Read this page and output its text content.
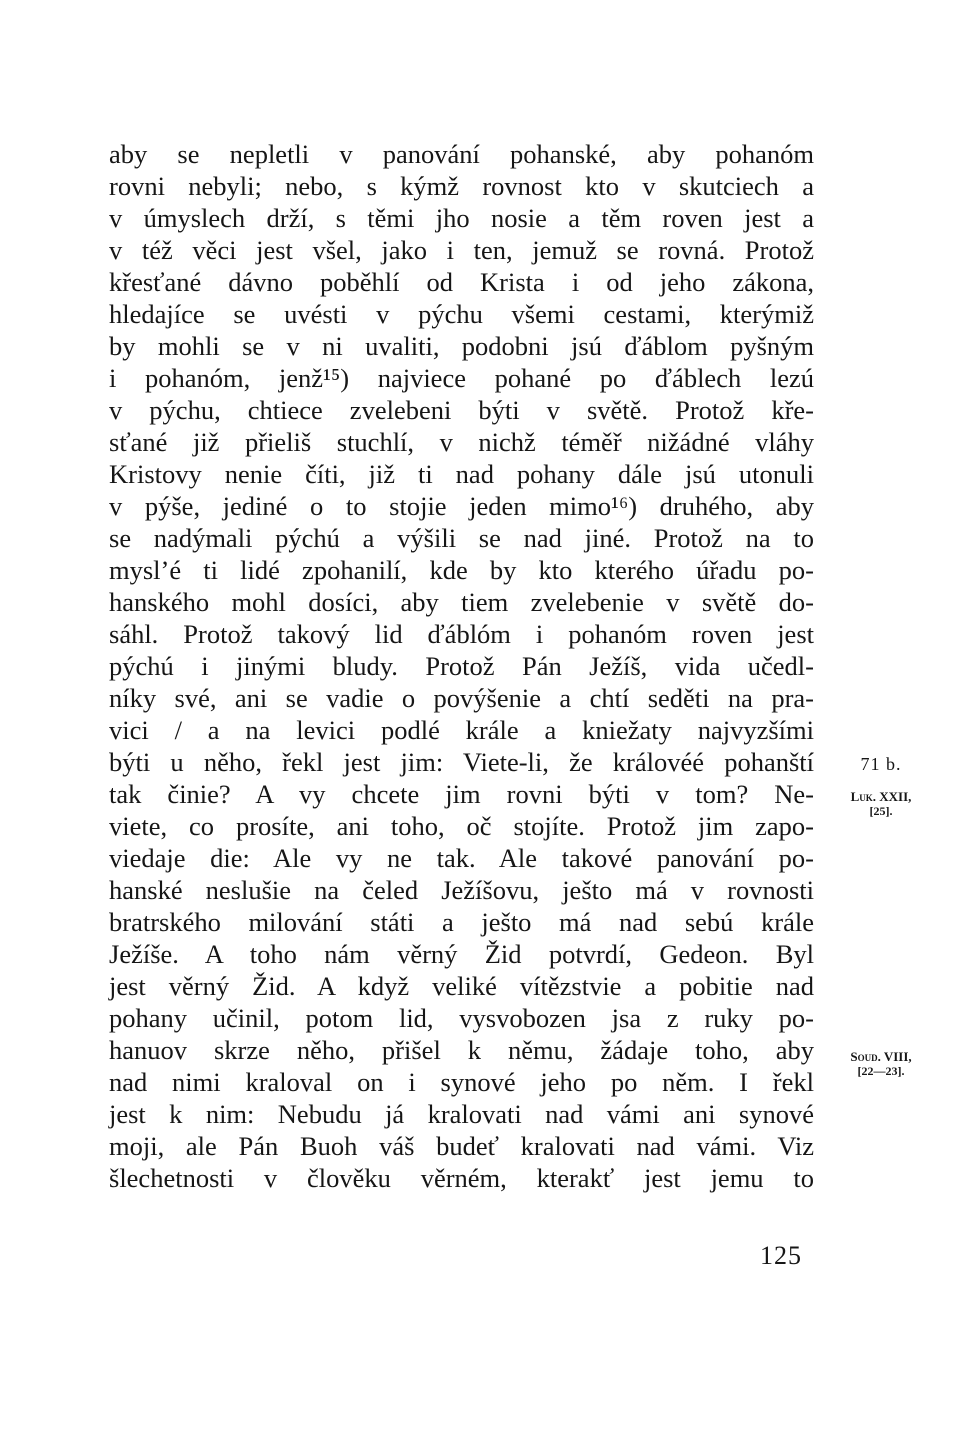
aby se nepletli v panování pohanské, aby pohanóm
rovni nebyli; nebo, s kýmž rovnost kto v skutciech a
v úmyslech drží, s těmi jho nosie a těm roven jest a
v též věci jest všel, jako i ten, jemuž se rovná. Protož
křesťané dávno poběhlí od Krista i od jeho zákona,
hledajíce se uvésti v pýchu všemi cestami, kterýmiž
by mohli se v ni uvaliti, podobni jsú ďáblom pyšným
i pohanóm, jenž¹⁵) najviece pohané po ďáblech lezú
v pýchu, chtiece zvelebeni býti v světě. Protož kře-
sťané již přieliš stuchlí, v nichž téměř nižádné vláhy
Kristovy nenie číti, již ti nad pohany dále jsú utonuli
v pýše, jediné o to stojie jeden mimo¹⁶) druhého, aby
se nadýmali pýchú a výšili se nad jiné. Protož na to
mysl’é ti lidé zpohanilí, kde by kto kterého úřadu po-
hanského mohl dosíci, aby tiem zvelebenie v světě do-
sáhl. Protož takový lid ďáblóm i pohanóm roven jest
pýchú i jinými bludy. Protož Pán Ježíš, vida učedl-
níky své, ani se vadie o povýšenie a chtí seděti na pra-
vici / a na levici podlé krále a kniežaty najvyzšími
býti u něho, řekl jest jim: Viete-li, že královéé pohanští
tak činie? A vy chcete jim rovni býti v tom? Ne-
viete, co prosíte, ani toho, oč stojíte. Protož jim zapo-
viedaje die: Ale vy ne tak. Ale takové panování po-
hanské neslušie na čeled Ježíšovu, ješto má v rovnosti
bratrského milování státi a ješto má nad sebú krále
Ježíše. A toho nám věrný Žid potvrdí, Gedeon. Byl
jest věrný Žid. A když veliké vítězstvie a pobitie nad
pohany učinil, potom lid, vysvobozen jsa z ruky po-
hanuov skrze něho, přišel k němu, žádaje toho, aby
nad nimi kraloval on i synové jeho po něm. I řekl
jest k nim: Nebudu já kralovati nad vámi ani synové
moji, ale Pán Buoh váš budeť kralovati nad vámi. Viz
šlechetnosti v člověku věrném, kterakť jest jemu to
71 b.
Luk. XXII,
[25].
Soud. VIII,
[22—23].
125
